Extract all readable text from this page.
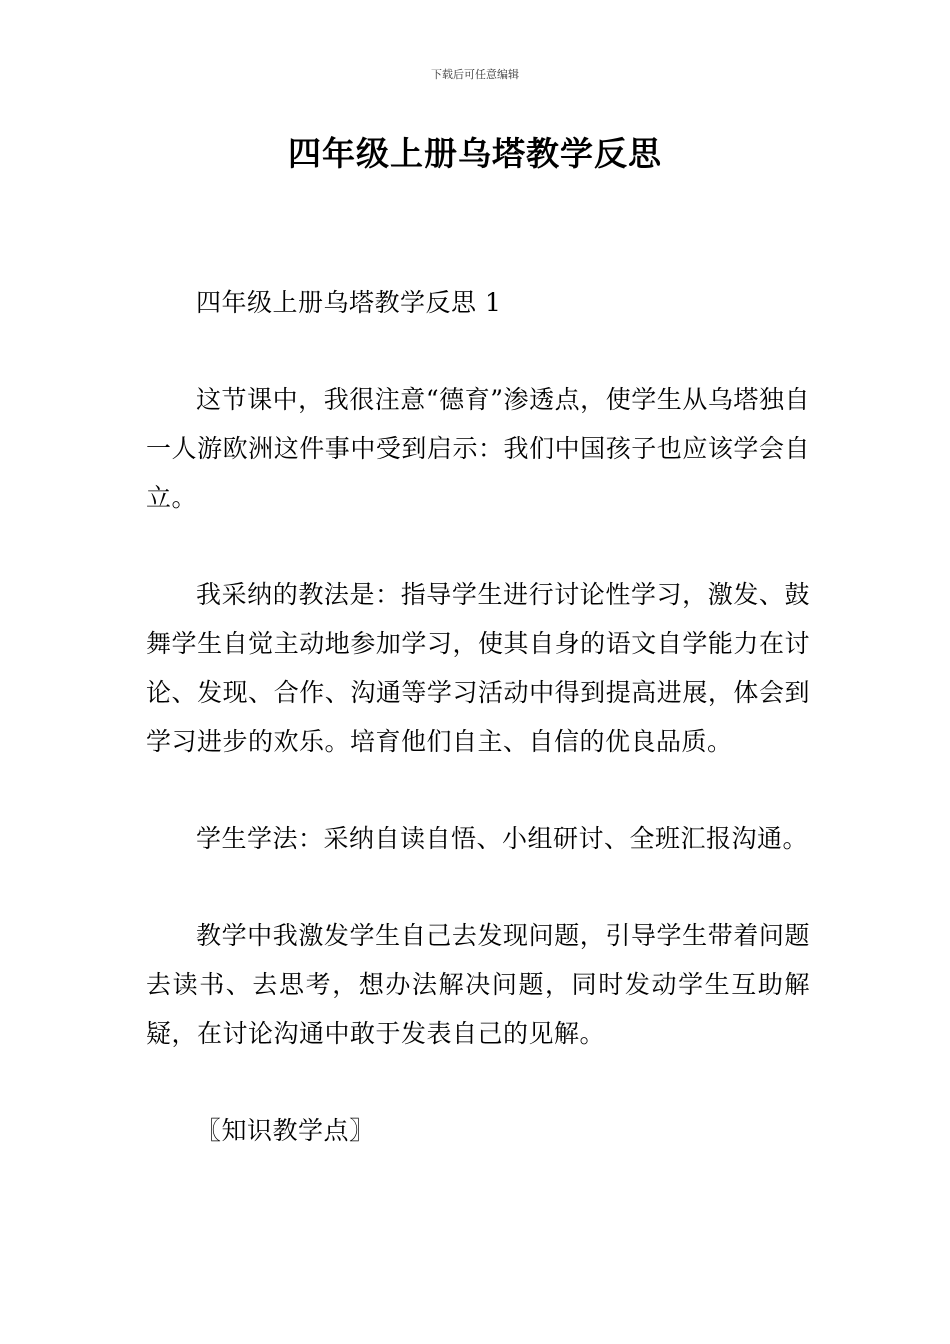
下载后可任意编辑
四年级上册乌塔教学反思

四年级上册乌塔教学反思 1

这节课中，我很注意“德育”渗透点，使学生从乌塔独自一人游欧洲这件事中受到启示：我们中国孩子也应该学会自立。

我采纳的教法是：指导学生进行讨论性学习，激发、鼓舞学生自觉主动地参加学习，使其自身的语文自学能力在讨论、发现、合作、沟通等学习活动中得到提高进展，体会到学习进步的欢乐。培育他们自主、自信的优良品质。

学生学法：采纳自读自悟、小组研讨、全班汇报沟通。

教学中我激发学生自己去发现问题，引导学生带着问题去读书、去思考，想办法解决问题，同时发动学生互助解疑，在讨论沟通中敢于发表自己的见解。

〖知识教学点〗
